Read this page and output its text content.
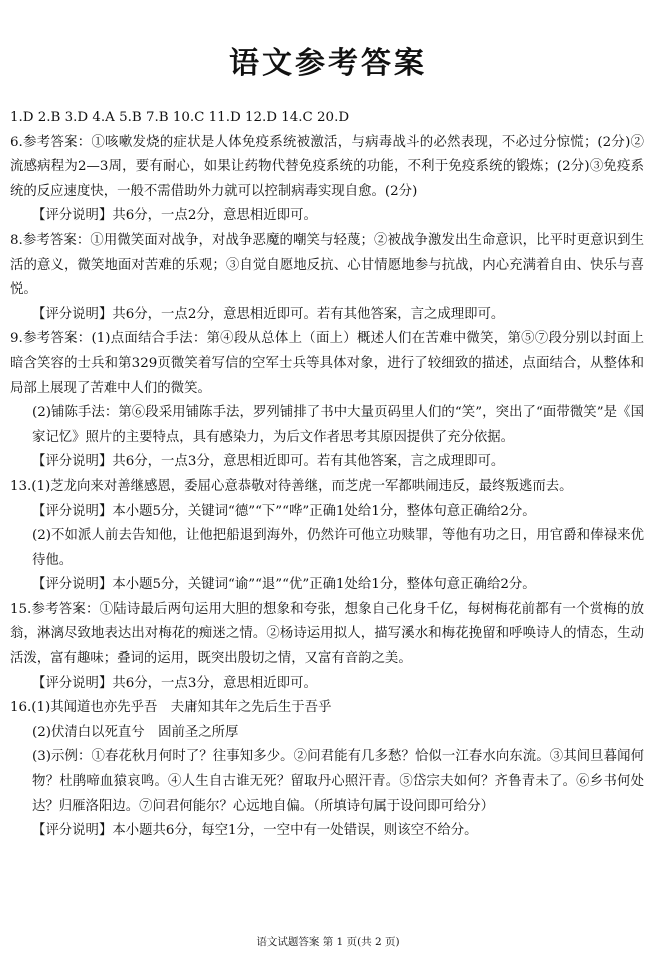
语文参考答案

1.D 2.B 3.D 4.A 5.B 7.B 10.C 11.D 12.D 14.C 20.D

6.参考答案：①咳嗽发烧的症状是人体免疫系统被激活，与病毒战斗的必然表现，不必过分惊慌；(2分)②流感病程为2—3周，要有耐心，如果让药物代替免疫系统的功能，不利于免疫系统的锻炼；(2分)③免疫系统的反应速度快，一般不需借助外力就可以控制病毒实现自愈。(2分)

【评分说明】共6分，一点2分，意思相近即可。

8.参考答案：①用微笑面对战争，对战争恶魔的嘲笑与轻蔑；②被战争激发出生命意识，比平时更意识到生活的意义，微笑地面对苦难的乐观；③自觉自愿地反抗、心甘情愿地参与抗战，内心充满着自由、快乐与喜悦。

【评分说明】共6分，一点2分，意思相近即可。若有其他答案，言之成理即可。

9.参考答案：(1)点面结合手法：第④段从总体上（面上）概述人们在苦难中微笑，第⑤⑦段分别以封面上暗含笑容的士兵和第329页微笑着写信的空军士兵等具体对象，进行了较细致的描述，点面结合，从整体和局部上展现了苦难中人们的微笑。

(2)铺陈手法：第⑥段采用铺陈手法，罗列铺排了书中大量页码里人们的“笑”，突出了“面带微笑”是《国家记忆》照片的主要特点，具有感染力，为后文作者思考其原因提供了充分依据。

【评分说明】共6分，一点3分，意思相近即可。若有其他答案，言之成理即可。

13.(1)芝龙向来对善继感恩，委屈心意恭敬对待善继，而芝虎一军都哄闹违反，最终叛逃而去。

【评分说明】本小题5分，关键词“德”“下”“哗”正确1处给1分，整体句意正确给2分。

(2)不如派人前去告知他，让他把船退到海外，仍然许可他立功赎罪，等他有功之日，用官爵和俸禄来优待他。

【评分说明】本小题5分，关键词“谕”“退”“优”正确1处给1分，整体句意正确给2分。

15.参考答案：①陆诗最后两句运用大胆的想象和夸张，想象自己化身千亿，每树梅花前都有一个赏梅的放翁，淋漓尽致地表达出对梅花的痴迷之情。②杨诗运用拟人，描写溪水和梅花挽留和呼唤诗人的情态，生动活泼，富有趣味；叠词的运用，既突出殷切之情，又富有音韵之美。

【评分说明】共6分，一点3分，意思相近即可。

16.(1)其闻道也亦先乎吾　夫庸知其年之先后生于吾乎

(2)伏清白以死直兮　固前圣之所厚

(3)示例：①春花秋月何时了？往事知多少。②问君能有几多愁？恰似一江春水向东流。③其间旦暮闻何物？杜鹃啼血猿哀鸣。④人生自古谁无死？留取丹心照汗青。⑤岱宗夫如何？齐鲁青未了。⑥乡书何处达？归雁洛阳边。⑦问君何能尔？心远地自偏。（所填诗句属于设问即可给分）

【评分说明】本小题共6分，每空1分，一空中有一处错误，则该空不给分。

语文试题答案 第 1 页(共 2 页)
